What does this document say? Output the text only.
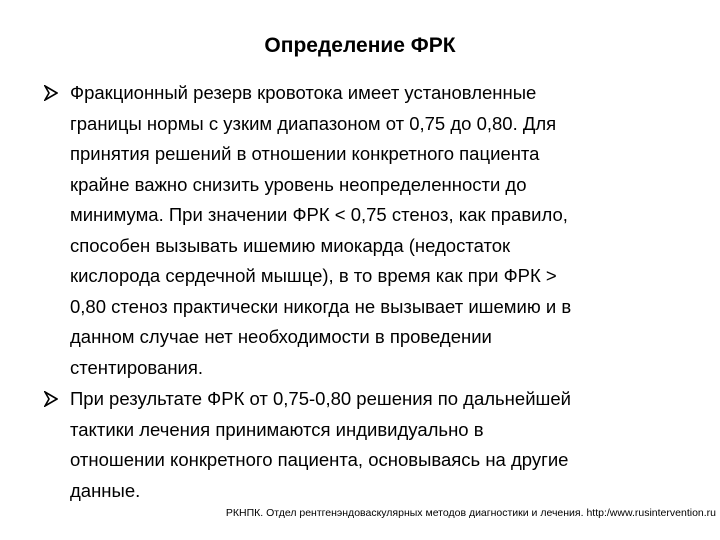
Определение ФРК
Фракционный резерв кровотока имеет установленные
границы нормы с узким диапазоном от 0,75 до 0,80. Для
принятия решений в отношении конкретного пациента
крайне важно снизить уровень неопределенности до
минимума. При значении ФРК < 0,75 стеноз, как правило,
способен вызывать ишемию миокарда (недостаток
кислорода сердечной мышце), в то время как при ФРК >
0,80 стеноз практически никогда не вызывает ишемию и в
данном случае нет необходимости в проведении
стентирования.
При результате ФРК от 0,75-0,80 решения по дальнейшей
тактики лечения принимаются индивидуально в
отношении конкретного пациента, основываясь на другие
данные.
РКНПК. Отдел рентгенэндоваскулярных методов диагностики и лечения. http:/www.rusintervention.ru
